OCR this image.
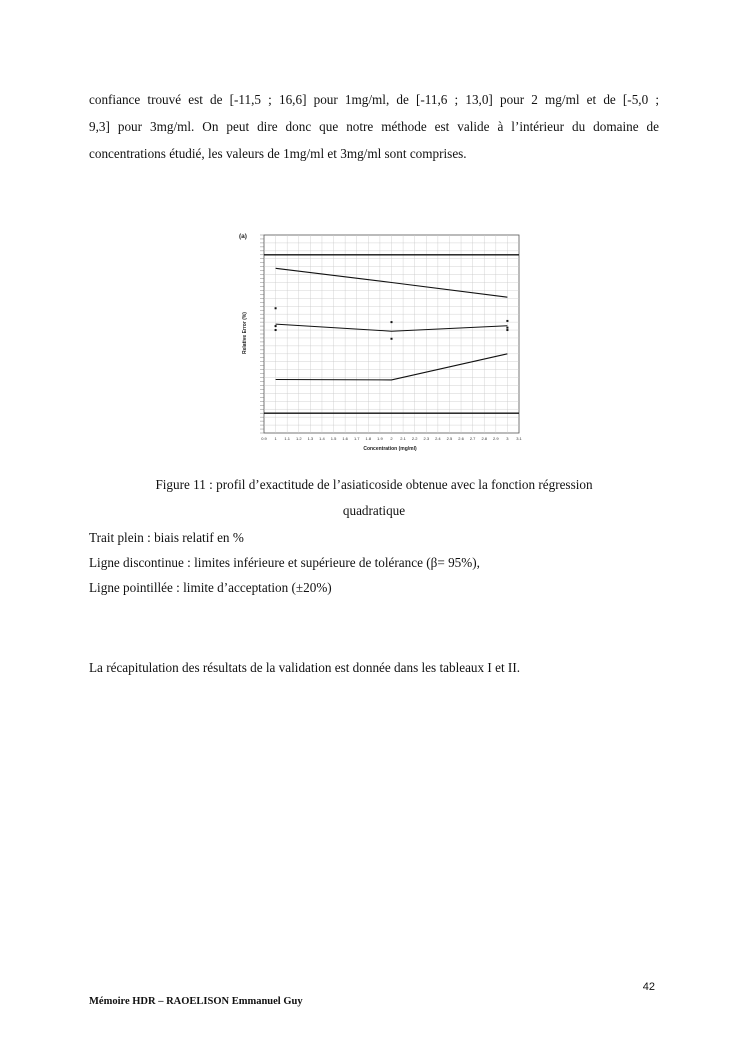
confiance trouvé est de [-11,5 ; 16,6] pour 1mg/ml, de [-11,6 ; 13,0] pour 2 mg/ml et de [-5,0 ;
9,3] pour 3mg/ml. On peut dire donc que notre méthode est valide à l’intérieur du domaine de
concentrations étudié, les valeurs de 1mg/ml et 3mg/ml sont comprises.

0.9 1 1.1 1.2 1.3 1.4 1.5 1.6 1.7 1.8 1.9 2 2.1 2.2 2.3 2.4 2.5 2.6 2.7 2.8 2.9 3 3.1
(a)
Relative Error (%)
Concentration (mg/ml)
Figure 11 : profil d’exactitude de l’asiaticoside obtenue avec la fonction régression
quadratique
Trait plein : biais relatif en %
Ligne discontinue : limites inférieure et supérieure de tolérance (β= 95%),
Ligne pointillée : limite d’acceptation (±20%)
La récapitulation des résultats de la validation est donnée dans les tableaux I et II.
42
Mémoire HDR – RAOELISON Emmanuel Guy
